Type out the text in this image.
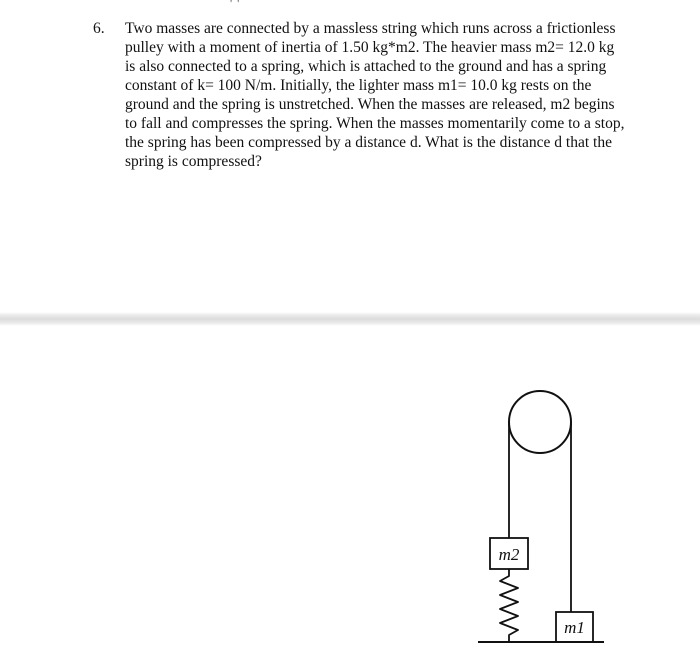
' '
6.	Two masses are connected by a massless string which runs across a frictionless
pulley with a moment of inertia of 1.50 kg*m2. The heavier mass m2= 12.0 kg
is also connected to a spring, which is attached to the ground and has a spring
constant of k= 100 N/m. Initially, the lighter mass m1= 10.0 kg rests on the
ground and the spring is unstretched. When the masses are released, m2 begins
to fall and compresses the spring. When the masses momentarily come to a stop,
the spring has been compressed by a distance d. What is the distance d that the
spring is compressed?
m2
m1
